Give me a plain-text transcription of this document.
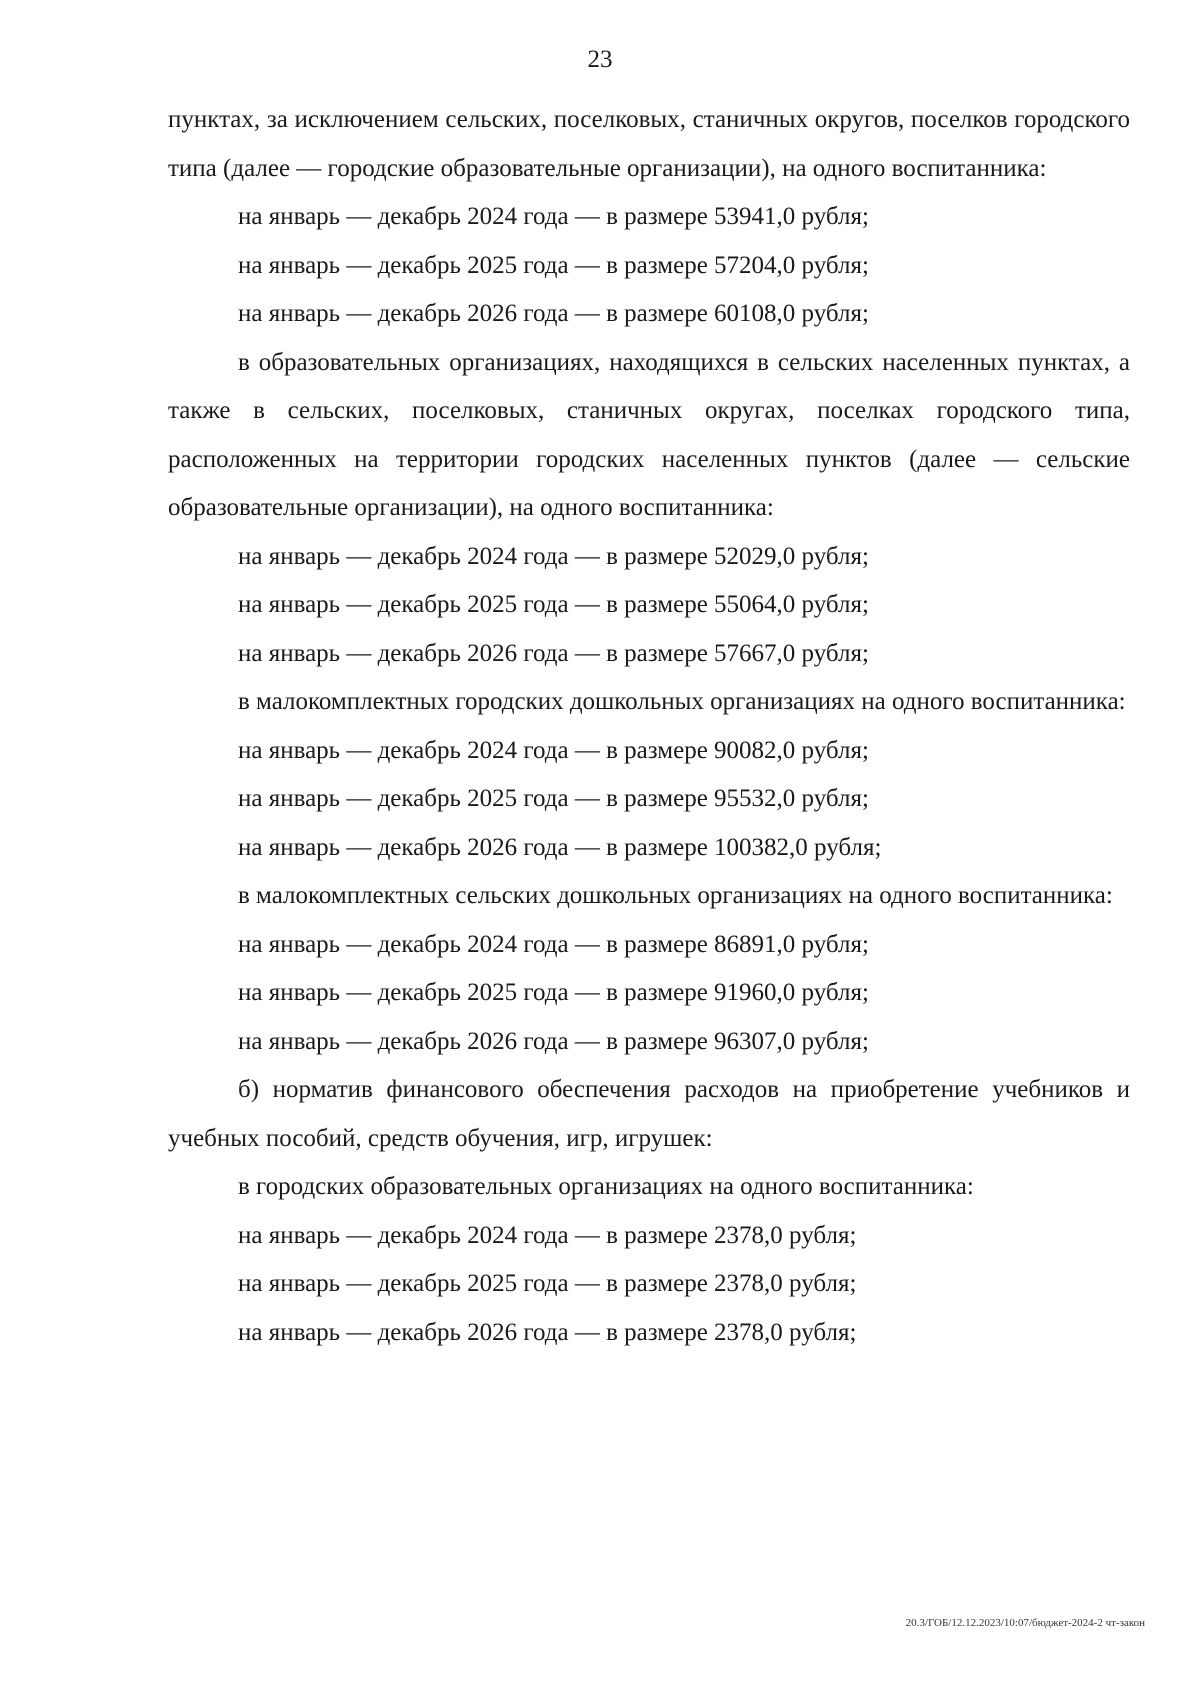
23

пунктах, за исключением сельских, поселковых, станичных округов, поселков городского типа (далее — городские образовательные организации), на одного воспитанника:

на январь — декабрь 2024 года — в размере 53941,0 рубля;

на январь — декабрь 2025 года — в размере 57204,0 рубля;

на январь — декабрь 2026 года — в размере 60108,0 рубля;

в образовательных организациях, находящихся в сельских населенных пунктах, а также в сельских, поселковых, станичных округах, поселках городского типа, расположенных на территории городских населенных пунктов (далее — сельские образовательные организации), на одного воспитанника:

на январь — декабрь 2024 года — в размере 52029,0 рубля;

на январь — декабрь 2025 года — в размере 55064,0 рубля;

на январь — декабрь 2026 года — в размере 57667,0 рубля;

в малокомплектных городских дошкольных организациях на одного воспитанника:

на январь — декабрь 2024 года — в размере 90082,0 рубля;

на январь — декабрь 2025 года — в размере 95532,0 рубля;

на январь — декабрь 2026 года — в размере 100382,0 рубля;

в малокомплектных сельских дошкольных организациях на одного воспитанника:

на январь — декабрь 2024 года — в размере 86891,0 рубля;

на январь — декабрь 2025 года — в размере 91960,0 рубля;

на январь — декабрь 2026 года — в размере 96307,0 рубля;

б) норматив финансового обеспечения расходов на приобретение учебников и учебных пособий, средств обучения, игр, игрушек:

в городских образовательных организациях на одного воспитанника:

на январь — декабрь 2024 года — в размере 2378,0 рубля;

на январь — декабрь 2025 года — в размере 2378,0 рубля;

на январь — декабрь 2026 года — в размере 2378,0 рубля;

20.3/ГОБ/12.12.2023/10:07/бюджет-2024-2 чт-закон
